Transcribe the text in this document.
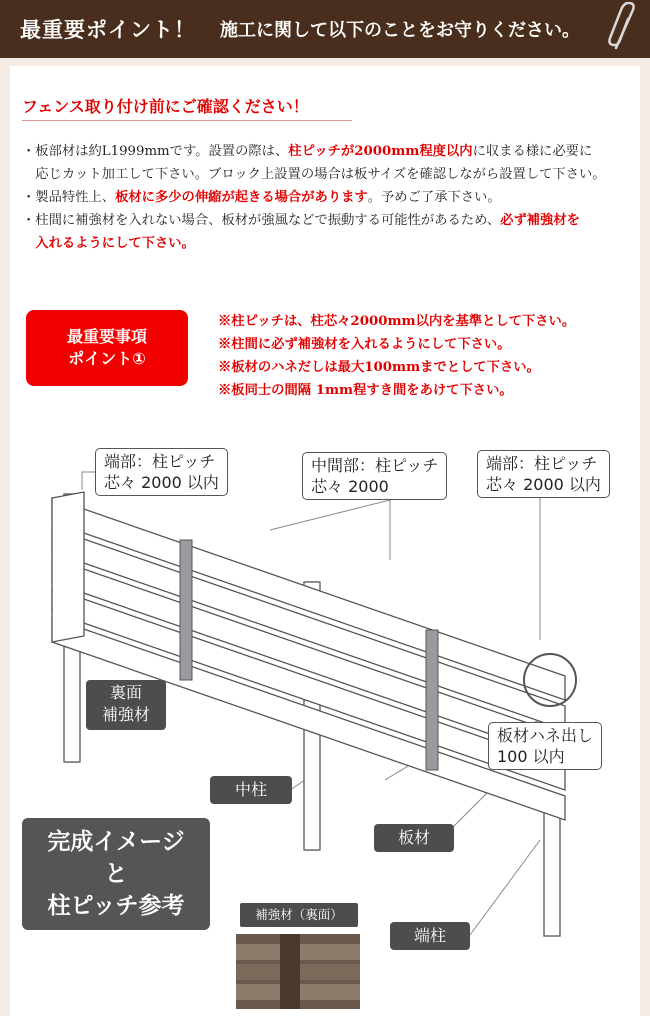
最重要ポイント！ 施工に関して以下のことをお守りください。
フェンス取り付け前にご確認ください！
・板部材は約L1999mmです。設置の際は、柱ピッチが2000mm程度以内に収まる様に必要に
　応じカット加工して下さい。ブロック上設置の場合は板サイズを確認しながら設置して下さい。
・製品特性上、板材に多少の伸縮が起きる場合があります。予めご了承下さい。
・柱間に補強材を入れない場合、板材が強風などで振動する可能性があるため、必ず補強材を
　入れるようにして下さい。
最重要事項
ポイント①
※柱ピッチは、柱芯々2000mm以内を基準として下さい。
※柱間に必ず補強材を入れるようにして下さい。
※板材のハネだしは最大100mmまでとして下さい。
※板同士の間隔 1mm程すき間をあけて下さい。
端部：柱ピッチ
芯々 2000 以内
中間部：柱ピッチ
芯々 2000
端部：柱ピッチ
芯々 2000 以内
板材ハネ出し
100 以内
裏面
補強材
中柱
板材
端柱
完成イメージ
と
柱ピッチ参考	補強材（裏面）
